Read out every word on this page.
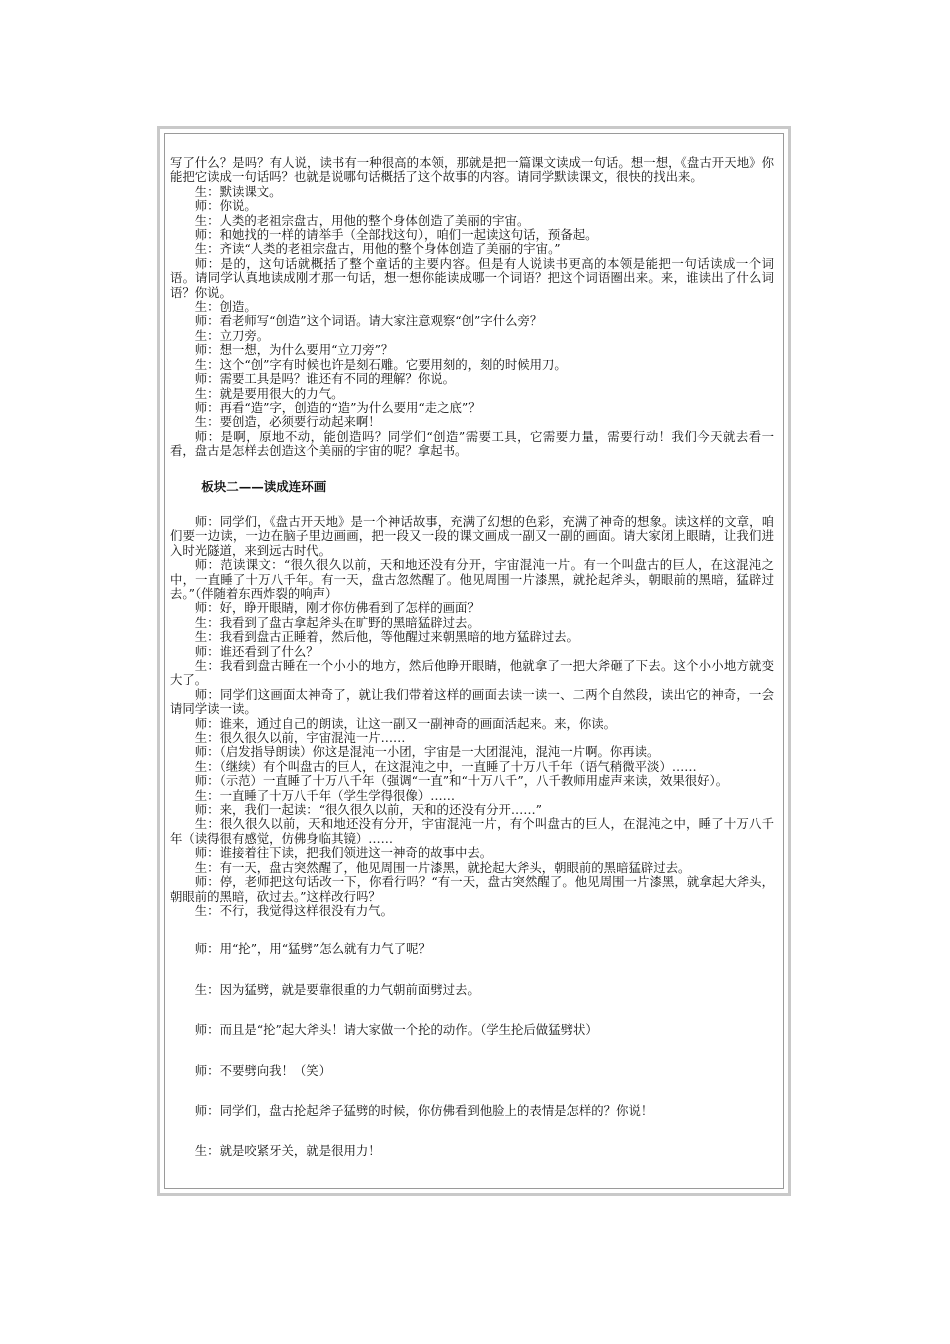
写了什么？是吗？有人说，读书有一种很高的本领，那就是把一篇课文读成一句话。想一想，《盘古开天地》你能把它读成一句话吗？也就是说哪句话概括了这个故事的内容。请同学默读课文，很快的找出来。

生：默读课文。

师：你说。

生：人类的老祖宗盘古，用他的整个身体创造了美丽的宇宙。

师：和她找的一样的请举手（全部找这句），咱们一起读这句话，预备起。

生：齐读“人类的老祖宗盘古，用他的整个身体创造了美丽的宇宙。”

师：是的，这句话就概括了整个童话的主要内容。但是有人说读书更高的本领是能把一句话读成一个词语。请同学认真地读成刚才那一句话，想一想你能读成哪一个词语？把这个词语圈出来。来，谁读出了什么词语？你说。

生：创造。

师：看老师写“创造”这个词语。请大家注意观察“创”字什么旁？

生：立刀旁。

师：想一想，为什么要用“立刀旁”？

生：这个“创”字有时候也许是刻石雕。它要用刻的，刻的时候用刀。

师：需要工具是吗？谁还有不同的理解？你说。

生：就是要用很大的力气。

师：再看“造”字，创造的“造”为什么要用“走之底”？

生：要创造，必须要行动起来啊！

师：是啊，原地不动，能创造吗？同学们“创造”需要工具，它需要力量，需要行动！我们今天就去看一看，盘古是怎样去创造这个美丽的宇宙的呢？拿起书。

板块二——读成连环画

师：同学们，《盘古开天地》是一个神话故事，充满了幻想的色彩，充满了神奇的想象。读这样的文章，咱们要一边读，一边在脑子里边画画，把一段又一段的课文画成一副又一副的画面。请大家闭上眼睛，让我们进入时光隧道，来到远古时代。

师：范读课文：“很久很久以前，天和地还没有分开，宇宙混沌一片。有一个叫盘古的巨人，在这混沌之中，一直睡了十万八千年。有一天，盘古忽然醒了。他见周围一片漆黑，就抡起斧头，朝眼前的黑暗，猛辟过去。”（伴随着东西炸裂的响声）

师：好，睁开眼睛，刚才你仿佛看到了怎样的画面？

生：我看到了盘古拿起斧头在旷野的黑暗猛辟过去。

生：我看到盘古正睡着，然后他，等他醒过来朝黑暗的地方猛辟过去。

师：谁还看到了什么？

生：我看到盘古睡在一个小小的地方，然后他睁开眼睛，他就拿了一把大斧砸了下去。这个小小地方就变大了。

师：同学们这画面太神奇了，就让我们带着这样的画面去读一读一、二两个自然段，读出它的神奇，一会请同学读一读。

师：谁来，通过自己的朗读，让这一副又一副神奇的画面活起来。来，你读。

生：很久很久以前，宇宙混沌一片……

师：（启发指导朗读）你这是混沌一小团，宇宙是一大团混沌，混沌一片啊。你再读。

生：（继续）有个叫盘古的巨人，在这混沌之中，一直睡了十万八千年（语气稍微平淡）……

师：（示范）一直睡了十万八千年（强调“一直”和“十万八千”，八千教师用虚声来读，效果很好）。

生：一直睡了十万八千年（学生学得很像）……

师：来，我们一起读：“很久很久以前，天和的还没有分开……”

生：很久很久以前，天和地还没有分开，宇宙混沌一片，有个叫盘古的巨人，在混沌之中，睡了十万八千年（读得很有感觉，仿佛身临其镜）……

师：谁接着往下读，把我们领进这一神奇的故事中去。

生：有一天，盘古突然醒了，他见周围一片漆黑，就抡起大斧头，朝眼前的黑暗猛辟过去。

师：停，老师把这句话改一下，你看行吗？“有一天，盘古突然醒了。他见周围一片漆黑，就拿起大斧头，朝眼前的黑暗，砍过去。”这样改行吗？

生：不行，我觉得这样很没有力气。

师：用“抡”，用“猛劈”怎么就有力气了呢？

生：因为猛劈，就是要靠很重的力气朝前面劈过去。

师：而且是“抡”起大斧头！请大家做一个抡的动作。（学生抡后做猛劈状）

师：不要劈向我！（笑）

师：同学们，盘古抡起斧子猛劈的时候，你仿佛看到他脸上的表情是怎样的？你说！

生：就是咬紧牙关，就是很用力！
